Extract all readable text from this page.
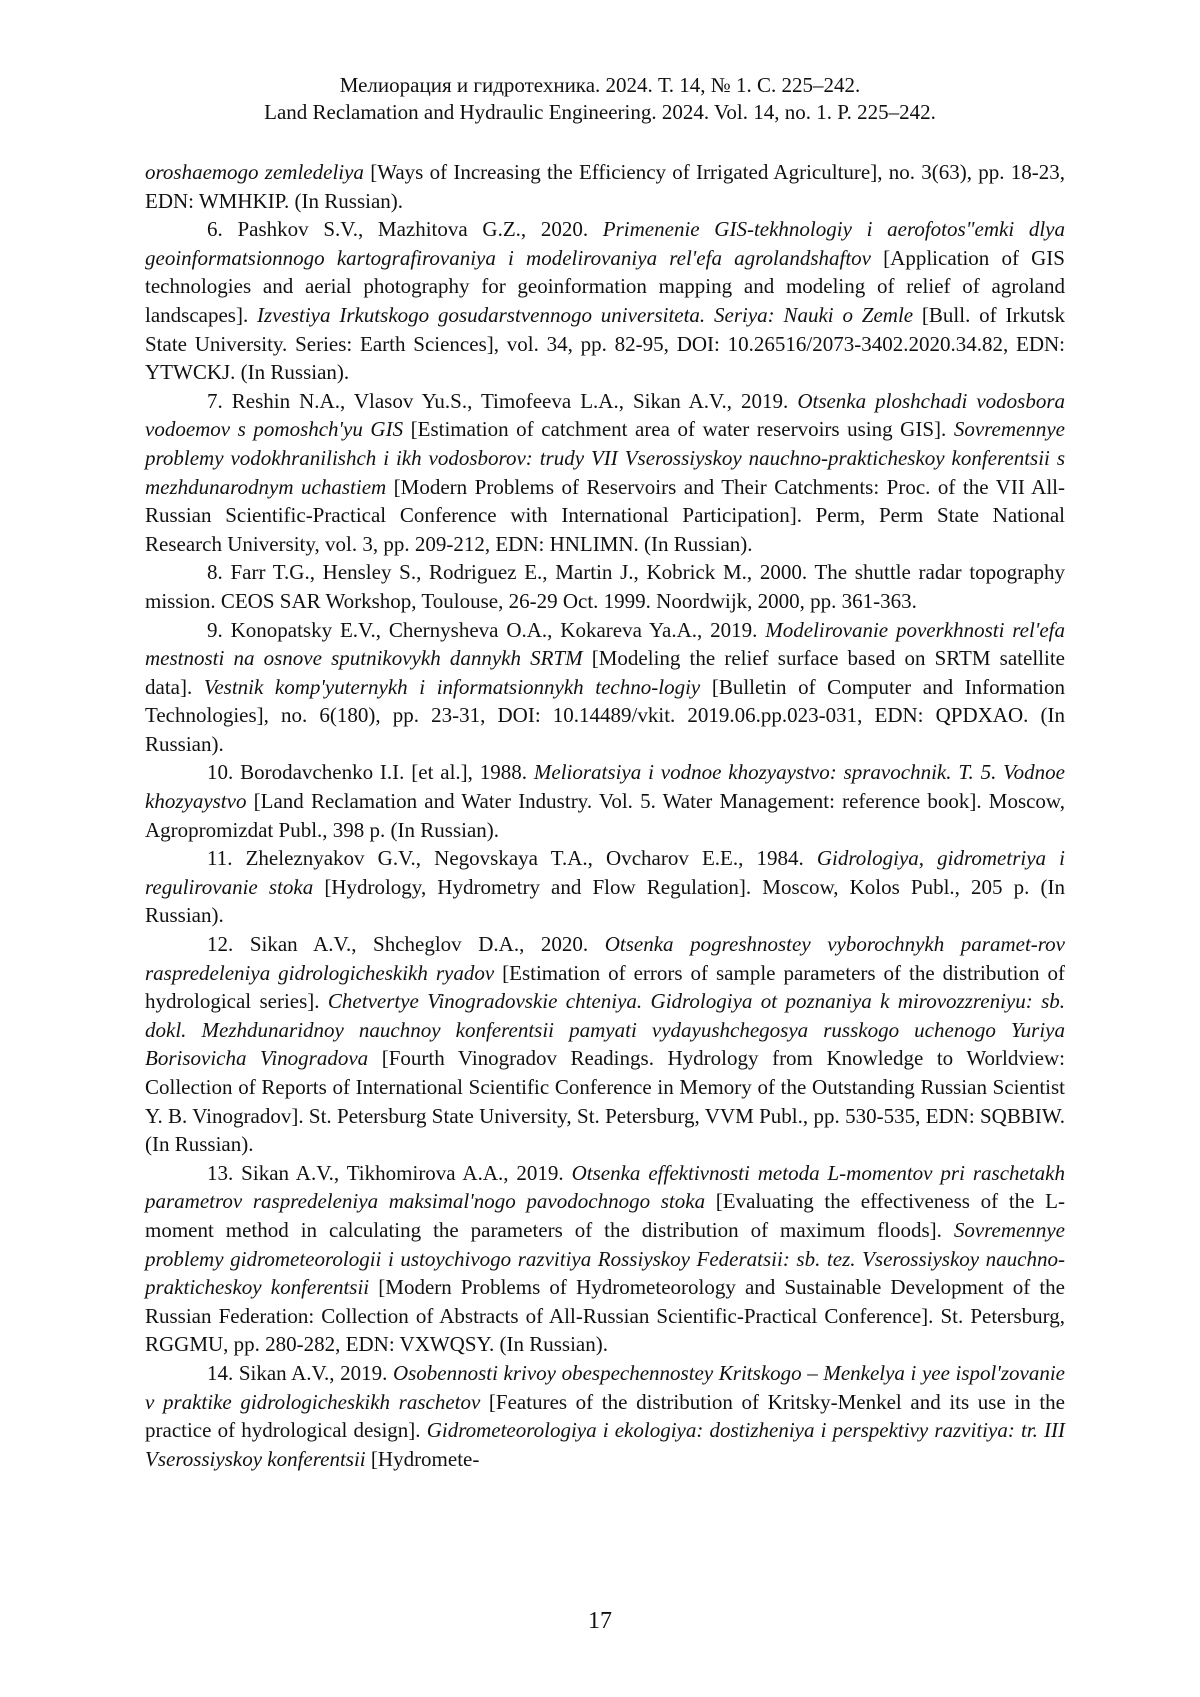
Мелиорация и гидротехника. 2024. Т. 14, № 1. С. 225–242.
Land Reclamation and Hydraulic Engineering. 2024. Vol. 14, no. 1. P. 225–242.

oroshaemogo zemledeliya [Ways of Increasing the Efficiency of Irrigated Agriculture], no. 3(63), pp. 18-23, EDN: WMHKIP. (In Russian).

6. Pashkov S.V., Mazhitova G.Z., 2020. Primenenie GIS-tekhnologiy i aerofotos"emki dlya geoinformatsionnogo kartografirovaniya i modelirovaniya rel'efa agrolandshaftov [Application of GIS technologies and aerial photography for geoinformation mapping and modeling of relief of agroland landscapes]. Izvestiya Irkutskogo gosudarstvennogo universiteta. Seriya: Nauki o Zemle [Bull. of Irkutsk State University. Series: Earth Sciences], vol. 34, pp. 82-95, DOI: 10.26516/2073-3402.2020.34.82, EDN: YTWCKJ. (In Russian).

7. Reshin N.A., Vlasov Yu.S., Timofeeva L.A., Sikan A.V., 2019. Otsenka ploshchadi vodosbora vodoemov s pomoshch'yu GIS [Estimation of catchment area of water reservoirs using GIS]. Sovremennye problemy vodokhranilishch i ikh vodosborov: trudy VII Vserossiyskoy nauchno-prakticheskoy konferentsii s mezhdunarodnym uchastiem [Modern Problems of Reservoirs and Their Catchments: Proc. of the VII All-Russian Scientific-Practical Conference with International Participation]. Perm, Perm State National Research University, vol. 3, pp. 209-212, EDN: HNLIMN. (In Russian).

8. Farr T.G., Hensley S., Rodriguez E., Martin J., Kobrick M., 2000. The shuttle radar topography mission. CEOS SAR Workshop, Toulouse, 26-29 Oct. 1999. Noordwijk, 2000, pp. 361-363.

9. Konopatsky E.V., Chernysheva O.A., Kokareva Ya.A., 2019. Modelirovanie poverkhnosti rel'efa mestnosti na osnove sputnikovykh dannykh SRTM [Modeling the relief surface based on SRTM satellite data]. Vestnik komp'yuternykh i informatsionnykh techno-logiy [Bulletin of Computer and Information Technologies], no. 6(180), pp. 23-31, DOI: 10.14489/vkit. 2019.06.pp.023-031, EDN: QPDXAO. (In Russian).

10. Borodavchenko I.I. [et al.], 1988. Melioratsiya i vodnoe khozyaystvo: spravochnik. T. 5. Vodnoe khozyaystvo [Land Reclamation and Water Industry. Vol. 5. Water Management: reference book]. Moscow, Agropromizdat Publ., 398 p. (In Russian).

11. Zheleznyakov G.V., Negovskaya T.A., Ovcharov E.E., 1984. Gidrologiya, gidrometriya i regulirovanie stoka [Hydrology, Hydrometry and Flow Regulation]. Moscow, Kolos Publ., 205 p. (In Russian).

12. Sikan A.V., Shcheglov D.A., 2020. Otsenka pogreshnostey vyborochnykh paramet-rov raspredeleniya gidrologicheskikh ryadov [Estimation of errors of sample parameters of the distribution of hydrological series]. Chetvertye Vinogradovskie chteniya. Gidrologiya ot poznaniya k mirovozzreniyu: sb. dokl. Mezhdunaridnoy nauchnoy konferentsii pamyati vydayushchegosya russkogo uchenogo Yuriya Borisovicha Vinogradova [Fourth Vinogradov Readings. Hydrology from Knowledge to Worldview: Collection of Reports of International Scientific Conference in Memory of the Outstanding Russian Scientist Y. B. Vinogradov]. St. Petersburg State University, St. Petersburg, VVM Publ., pp. 530-535, EDN: SQBBIW. (In Russian).

13. Sikan A.V., Tikhomirova A.A., 2019. Otsenka effektivnosti metoda L-momentov pri raschetakh parametrov raspredeleniya maksimal'nogo pavodochnogo stoka [Evaluating the effectiveness of the L-moment method in calculating the parameters of the distribution of maximum floods]. Sovremennye problemy gidrometeorologii i ustoychivogo razvitiya Rossiyskoy Federatsii: sb. tez. Vserossiyskoy nauchno-prakticheskoy konferentsii [Modern Problems of Hydrometeorology and Sustainable Development of the Russian Federation: Collection of Abstracts of All-Russian Scientific-Practical Conference]. St. Petersburg, RGGMU, pp. 280-282, EDN: VXWQSY. (In Russian).

14. Sikan A.V., 2019. Osobennosti krivoy obespechennostey Kritskogo – Menkelya i yee ispol'zovanie v praktike gidrologicheskikh raschetov [Features of the distribution of Kritsky-Menkel and its use in the practice of hydrological design]. Gidrometeorologiya i ekologiya: dostizheniya i perspektivy razvitiya: tr. III Vserossiyskoy konferentsii [Hydromete-

17
